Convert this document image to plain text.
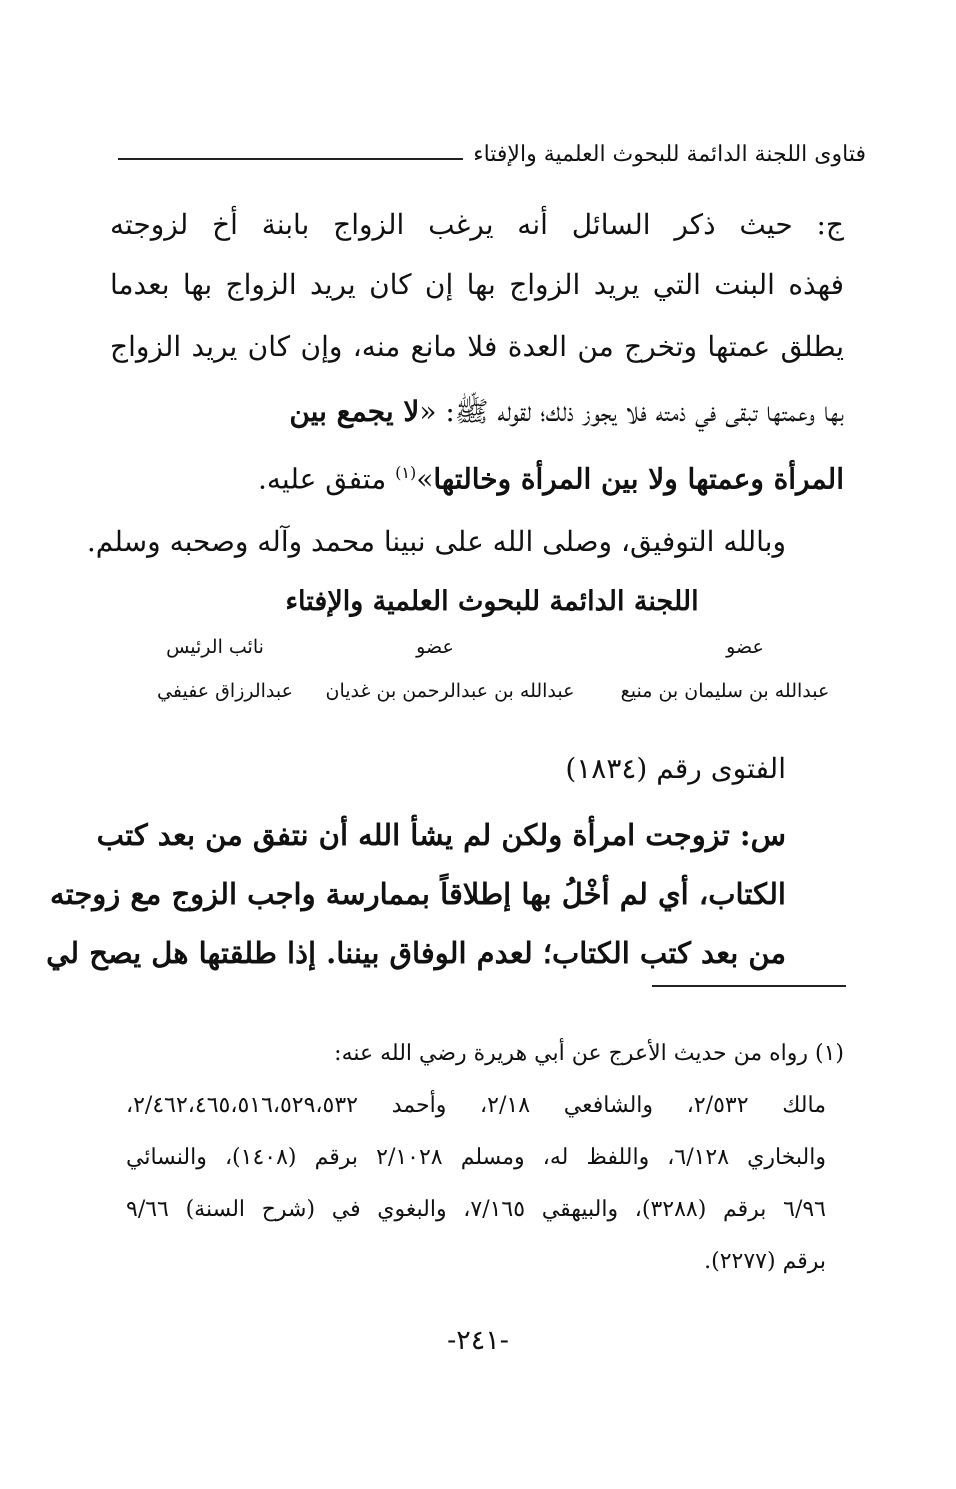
فتاوى اللجنة الدائمة للبحوث العلمية والإفتاء
ج: حيث ذكر السائل أنه يرغب الزواج بابنة أخ لزوجته
فهذه البنت التي يريد الزواج بها إن كان يريد الزواج بها بعدما
يطلق عمتها وتخرج من العدة فلا مانع منه، وإن كان يريد الزواج
بها وعمتها تبقى في ذمته فلا يجوز ذلك؛ لقوله ﷺ: «لا يجمع بين
المرأة وعمتها ولا بين المرأة وخالتها»$^{(١)}$ متفق عليه.
وبالله التوفيق، وصلى الله على نبينا محمد وآله وصحبه وسلم.
اللجنة الدائمة للبحوث العلمية والإفتاء
عضو
عبدالله بن سليمان بن منيع
عضو
عبدالله بن عبدالرحمن بن غديان
نائب الرئيس
عبدالرزاق عفيفي
الفتوى رقم (١٨٣٤)
س: تزوجت امرأة ولكن لم يشأ الله أن نتفق من بعد كتب
الكتاب، أي لم أخْلُ بها إطلاقاً بممارسة واجب الزوج مع زوجته
من بعد كتب الكتاب؛ لعدم الوفاق بيننا. إذا طلقتها هل يصح لي
(١) رواه من حديث الأعرج عن أبي هريرة رضي الله عنه:
مالك ٢/٥٣٢، والشافعي ٢/١٨، وأحمد ٢/٤٦٢،٤٦٥،٥١٦،٥٢٩،٥٣٢،
والبخاري ٦/١٢٨، واللفظ له، ومسلم ٢/١٠٢٨ برقم (١٤٠٨)، والنسائي
٦/٩٦ برقم (٣٢٨٨)، والبيهقي ٧/١٦٥، والبغوي في (شرح السنة) ٩/٦٦
برقم (٢٢٧٧).
-٢٤١-
